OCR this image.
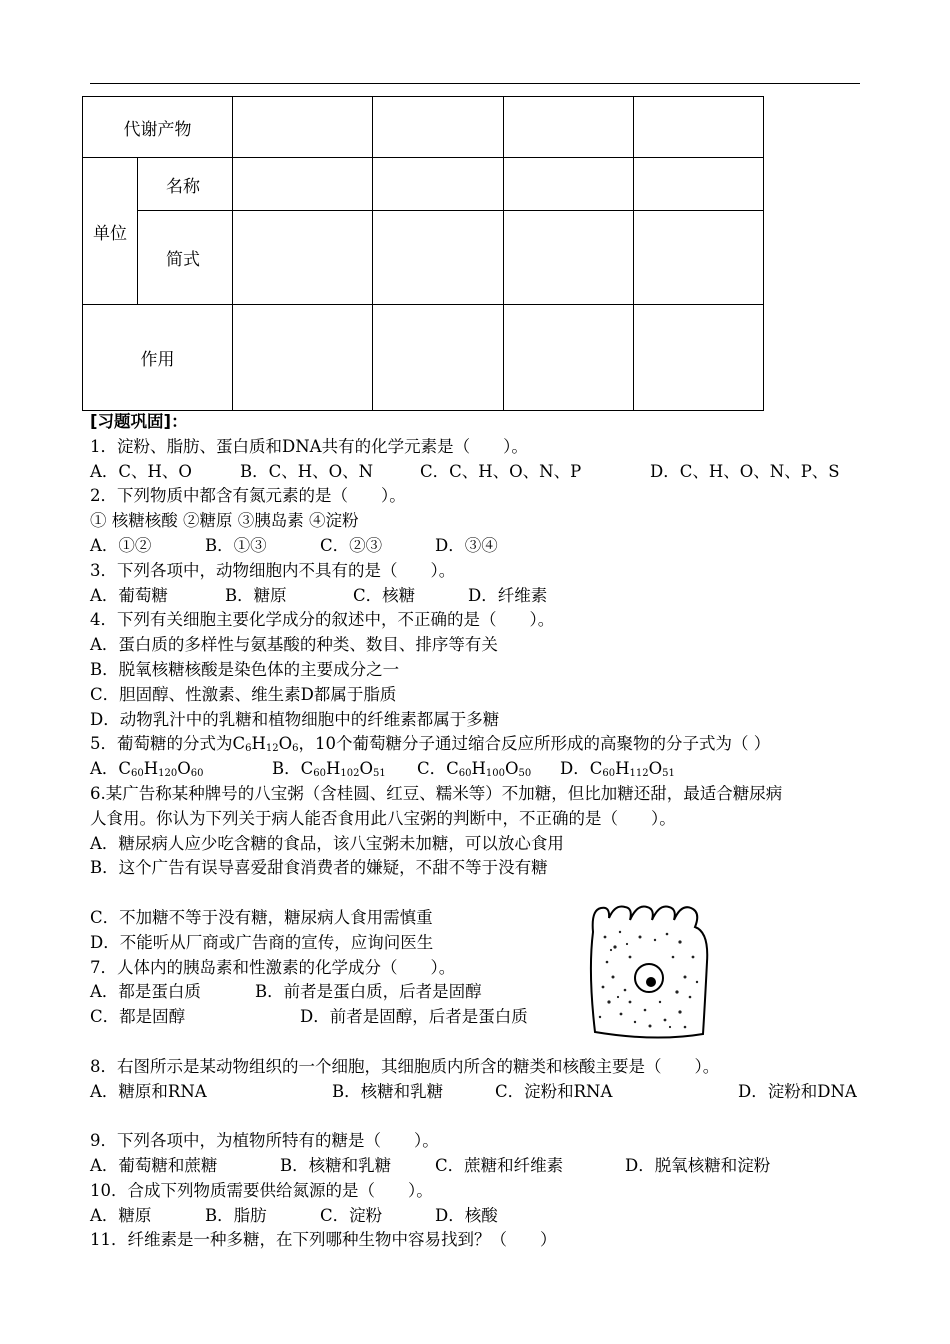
代谢产物					
单位	名称				
	简式				
作用					
[习题巩固]：
1．淀粉、脂肪、蛋白质和DNA共有的化学元素是（　　）。
A．C、H、O	B．C、H、O、N	C．C、H、O、N、P	D．C、H、O、N、P、S
2．下列物质中都含有氮元素的是（　　）。
① 核糖核酸 ②糖原 ③胰岛素 ④淀粉
A．①②	B．①③	C．②③	D．③④
3．下列各项中，动物细胞内不具有的是（　　）。
A．葡萄糖	B．糖原	C．核糖	D．纤维素
4．下列有关细胞主要化学成分的叙述中，不正确的是（　　）。
A．蛋白质的多样性与氨基酸的种类、数目、排序等有关
B．脱氧核糖核酸是染色体的主要成分之一
C．胆固醇、性激素、维生素D都属于脂质
D．动物乳汁中的乳糖和植物细胞中的纤维素都属于多糖
5．葡萄糖的分式为$C_6H_{12}O_6$，10个葡萄糖分子通过缩合反应所形成的高聚物的分子式为（ ）
A．$C_{60}H_{120}O_{60}$	B．$C_{60}H_{102}O_{51}$ C．$C_{60}H_{100}O_{50}$ D．$C_{60}H_{112}O_{51}$
6.某广告称某种牌号的八宝粥（含桂圆、红豆、糯米等）不加糖，但比加糖还甜，最适合糖尿病
人食用。你认为下列关于病人能否食用此八宝粥的判断中，不正确的是（　　）。
A．糖尿病人应少吃含糖的食品，该八宝粥未加糖，可以放心食用
B．这个广告有误导喜爱甜食消费者的嫌疑，不甜不等于没有糖
C．不加糖不等于没有糖，糖尿病人食用需慎重
D．不能听从厂商或广告商的宣传，应询问医生
7．人体内的胰岛素和性激素的化学成分（　　）。
A．都是蛋白质	B．前者是蛋白质，后者是固醇
C．都是固醇	D．前者是固醇，后者是蛋白质
8．右图所示是某动物组织的一个细胞，其细胞质内所含的糖类和核酸主要是（　　）。
A．糖原和RNA	B．核糖和乳糖	C．淀粉和RNA	D．淀粉和DNA
9．下列各项中，为植物所特有的糖是（　　）。
A．葡萄糖和蔗糖	B．核糖和乳糖	C．蔗糖和纤维素	D．脱氧核糖和淀粉
10．合成下列物质需要供给氮源的是（　　）。
A．糖原	B．脂肪	C．淀粉	D．核酸
11．纤维素是一种多糖，在下列哪种生物中容易找到？（　　）
